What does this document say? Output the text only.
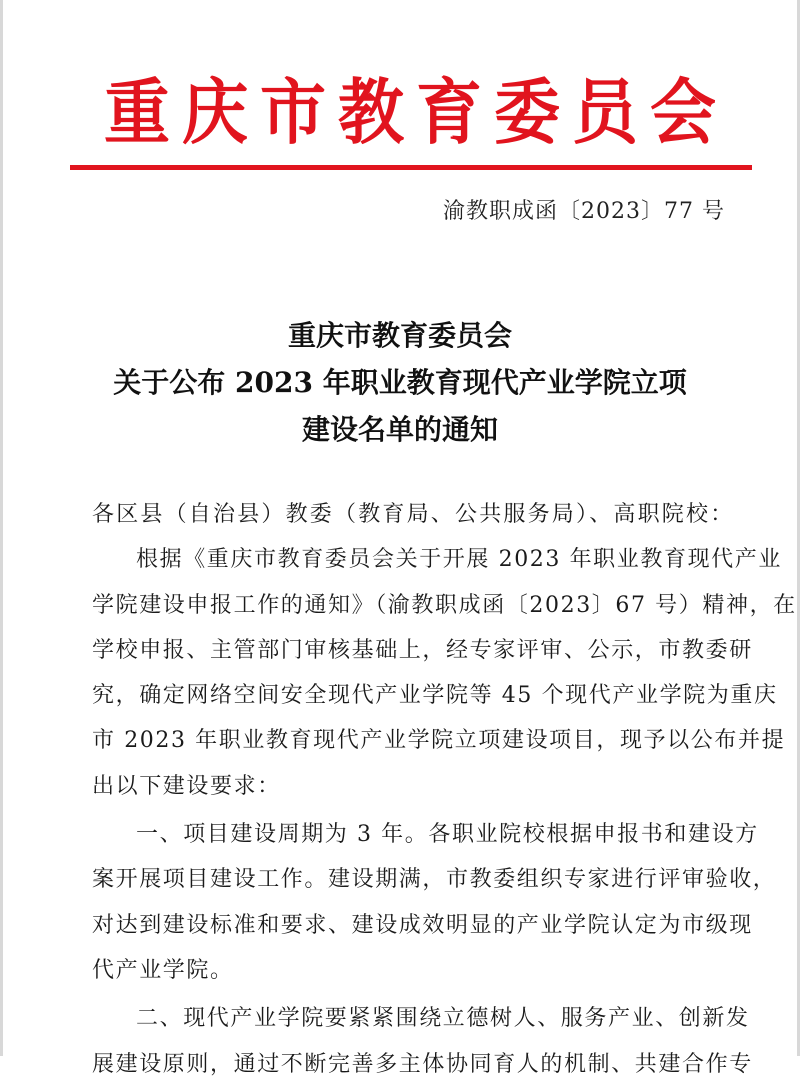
重庆市教育委员会
渝教职成函〔2023〕77 号
重庆市教育委员会
关于公布 2023 年职业教育现代产业学院立项
建设名单的通知
各区县（自治县）教委（教育局、公共服务局）、高职院校：
根据《重庆市教育委员会关于开展 2023 年职业教育现代产业
学院建设申报工作的通知》（渝教职成函〔2023〕67 号）精神，在
学校申报、主管部门审核基础上，经专家评审、公示，市教委研
究，确定网络空间安全现代产业学院等 45 个现代产业学院为重庆
市 2023 年职业教育现代产业学院立项建设项目，现予以公布并提
出以下建设要求：
一、项目建设周期为 3 年。各职业院校根据申报书和建设方
案开展项目建设工作。建设期满，市教委组织专家进行评审验收，
对达到建设标准和要求、建设成效明显的产业学院认定为市级现
代产业学院。
二、现代产业学院要紧紧围绕立德树人、服务产业、创新发
展建设原则，通过不断完善多主体协同育人的机制、共建合作专
